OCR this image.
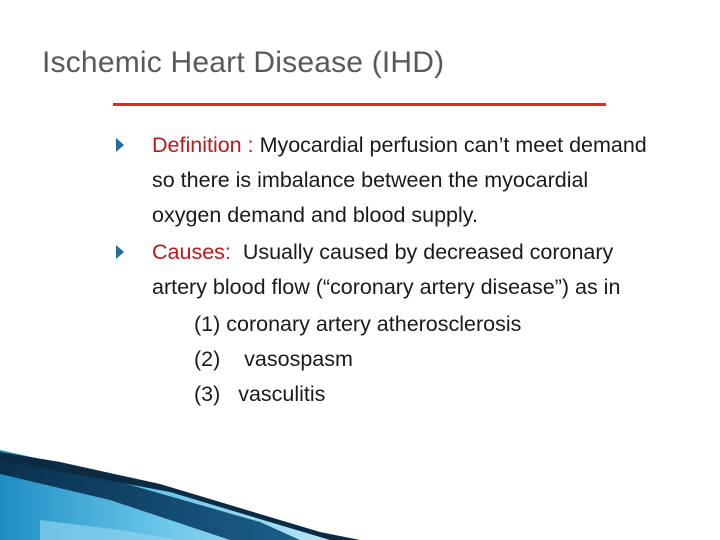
Ischemic Heart Disease (IHD)
Definition : Myocardial perfusion can’t meet demand so there is imbalance between the myocardial oxygen demand and blood supply.
Causes:  Usually caused by decreased coronary artery blood flow (“coronary artery disease”) as in
(1) coronary artery atherosclerosis
(2)    vasospasm
(3)   vasculitis
